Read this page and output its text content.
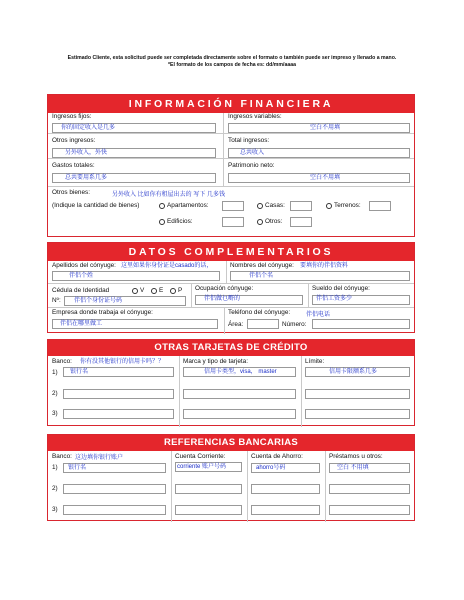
Estimado Cliente, esta solicitud puede ser completada directamente sobre el formato o también puede ser impreso y llenado a mano.
*El formato de los campos de fecha es: dd/mm/aaaa
INFORMACIÓN FINANCIERA
Ingresos fijos:
你的固定收入是几多
Ingresos variables:
空白不用填
Otros ingresos:
另外收入，外快
Total ingresos:
总共收入
Gastos totales:
总共要用系几多
Patrimonio neto:
空白不用填
Otros bienes:	另外收入 比如你有租屋出去的 写下 几多钱
(Indique la cantidad de bienes)	Apartamentos:	Casas:	Terrenos:
Edificios:	Otros:
DATOS COMPLEMENTARIOS
Apellidos del cónyuge: 这里如果你身份证是casado的话，
伴侣个姓
Nombres del cónyuge: 要填你的伴侣资料
伴侣个名
Cédula de Identidad	V E P
Nº: 伴侣个身份证号码
Ocupación cónyuge:
伴侣做乜嘢的
Sueldo del cónyuge:
伴侣工资多少
Empresa donde trabaja el cónyuge:
伴侣在哪里做工
Teléfono del cónyuge:	伴侣电话
Área:	Número:
OTRAS TARJETAS DE CRÉDITO
Banco: 你有没其他银行的信用卡吗？？	Marca y tipo de tarjeta:	Límite:
1) 银行名	信用卡类型，visa， master	信用卡限额系几多
2)
3)
REFERENCIAS BANCARIAS
Banco: 这边填你银行账户	Cuenta Corriente:	Cuenta de Ahorro:	Préstamos u otros:
1) 银行名	corriente 账户号码	ahorro号码	空白 不用填
2)
3)
